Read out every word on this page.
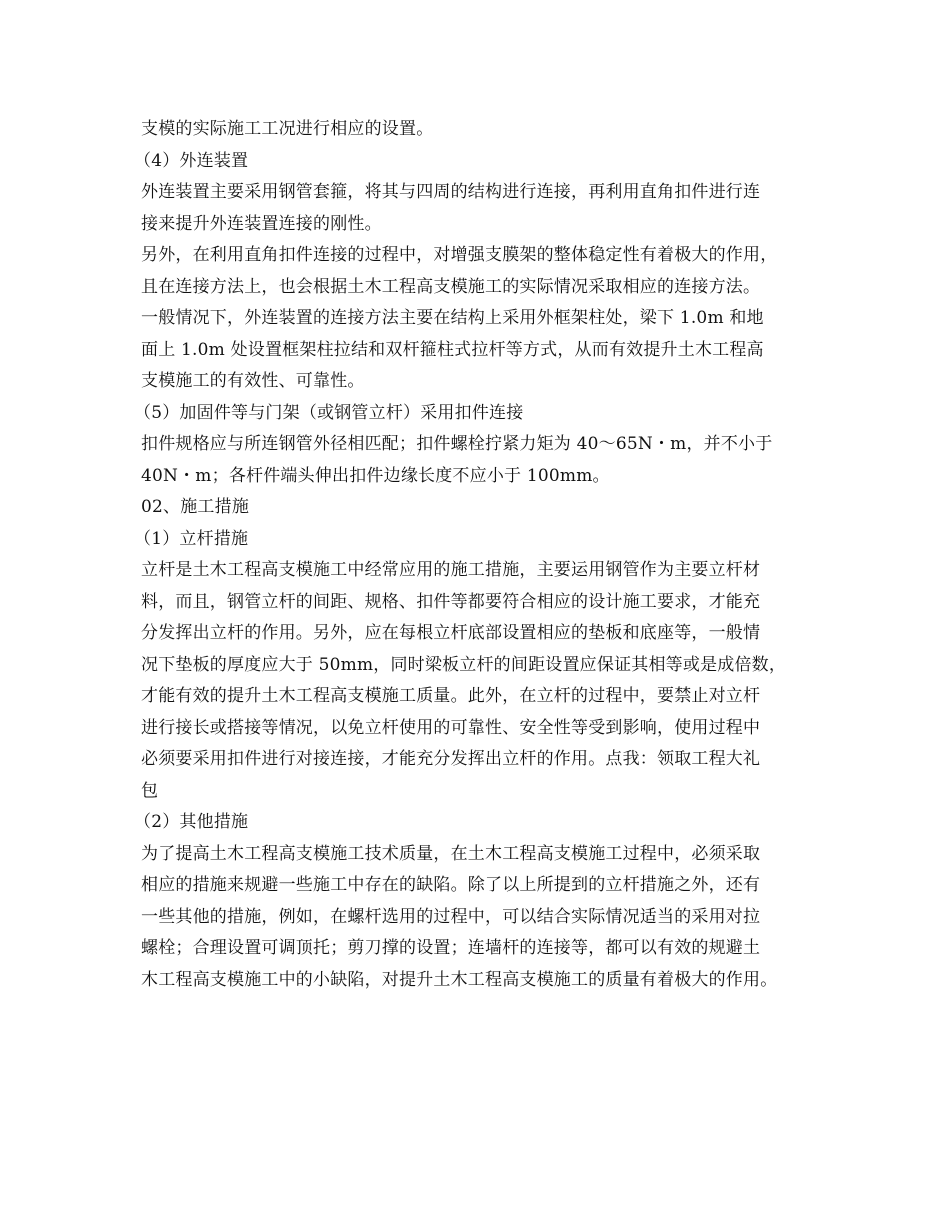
支模的实际施工工况进行相应的设置。
（4）外连装置
外连装置主要采用钢管套箍，将其与四周的结构进行连接，再利用直角扣件进行连
接来提升外连装置连接的刚性。
另外，在利用直角扣件连接的过程中，对增强支膜架的整体稳定性有着极大的作用，
且在连接方法上，也会根据土木工程高支模施工的实际情况采取相应的连接方法。
一般情况下，外连装置的连接方法主要在结构上采用外框架柱处，梁下 1.0m 和地
面上 1.0m 处设置框架柱拉结和双杆箍柱式拉杆等方式，从而有效提升土木工程高
支模施工的有效性、可靠性。
（5）加固件等与门架（或钢管立杆）采用扣件连接
扣件规格应与所连钢管外径相匹配；扣件螺栓拧紧力矩为 40～65N・m，并不小于
40N・m；各杆件端头伸出扣件边缘长度不应小于 100mm。
02、施工措施
（1）立杆措施
立杆是土木工程高支模施工中经常应用的施工措施，主要运用钢管作为主要立杆材
料，而且，钢管立杆的间距、规格、扣件等都要符合相应的设计施工要求，才能充
分发挥出立杆的作用。另外，应在每根立杆底部设置相应的垫板和底座等，一般情
况下垫板的厚度应大于 50mm，同时梁板立杆的间距设置应保证其相等或是成倍数，
才能有效的提升土木工程高支模施工质量。此外，在立杆的过程中，要禁止对立杆
进行接长或搭接等情况，以免立杆使用的可靠性、安全性等受到影响，使用过程中
必须要采用扣件进行对接连接，才能充分发挥出立杆的作用。点我：领取工程大礼
包
（2）其他措施
为了提高土木工程高支模施工技术质量，在土木工程高支模施工过程中，必须采取
相应的措施来规避一些施工中存在的缺陷。除了以上所提到的立杆措施之外，还有
一些其他的措施，例如，在螺杆选用的过程中，可以结合实际情况适当的采用对拉
螺栓；合理设置可调顶托；剪刀撑的设置；连墙杆的连接等，都可以有效的规避土
木工程高支模施工中的小缺陷，对提升土木工程高支模施工的质量有着极大的作用。
